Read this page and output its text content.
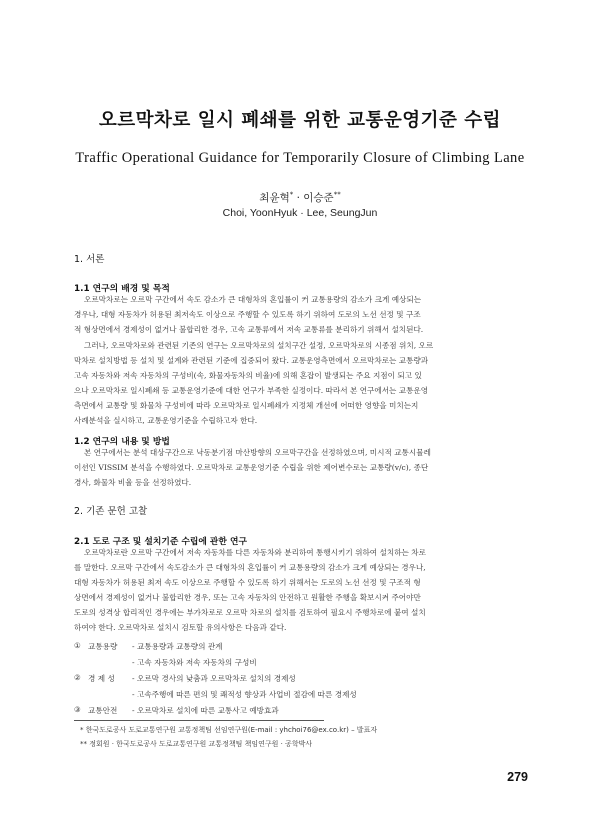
오르막차로 일시 폐쇄를 위한 교통운영기준 수립
Traffic Operational Guidance for Temporarily Closure of Climbing Lane
최윤혁* · 이승준**
Choi, YoonHyuk · Lee, SeungJun
1. 서론
1.1 연구의 배경 및 목적
오르막차로는 오르막 구간에서 속도 감소가 큰 대형차의 혼입률이 커 교통용량의 감소가 크게 예상되는
경우나, 대형 자동차가 허용된 최저속도 이상으로 주행할 수 있도록 하기 위하여 도로의 노선 선정 및 구조
적 형상면에서 경제성이 없거나 불합리한 경우, 고속 교통류에서 저속 교통류를 분리하기 위해서 설치된다.
그러나, 오르막차로와 관련된 기존의 연구는 오르막차로의 설치구간 설정, 오르막차로의 시종점 위치, 오르
막차로 설치방법 등 설치 및 설계와 관련된 기준에 집중되어 왔다. 교통운영측면에서 오르막차로는 교통량과
고속 자동차와 저속 자동차의 구성비(속, 화물자동차의 비율)에 의해 혼잡이 발생되는 주요 지점이 되고 있
으나 오르막차로 일시폐쇄 등 교통운영기준에 대한 연구가 부족한 실정이다. 따라서 본 연구에서는 교통운영
측면에서 교통량 및 화물차 구성비에 따라 오르막차로 일시폐쇄가 지정체 개선에 어떠한 영향을 미치는지
사례분석을 실시하고, 교통운영기준을 수립하고자 한다.
1.2 연구의 내용 및 방법
본 연구에서는 분석 대상구간으로 낙동분기점 마산방향의 오르막구간을 선정하였으며, 미시적 교통시뮬레
이션인 VISSIM 분석을 수행하였다. 오르막차로 교통운영기준 수립을 위한 제어변수로는 교통량(v/c), 종단
경사, 화물차 비율 등을 선정하였다.
2. 기존 문헌 고찰
2.1 도로 구조 및 설치기준 수립에 관한 연구
오르막차로란 오르막 구간에서 저속 자동차를 다른 자동차와 분리하여 통행시키기 위하여 설치하는 차로
를 말한다. 오르막 구간에서 속도감소가 큰 대형차의 혼입률이 커 교통용량의 감소가 크게 예상되는 경우나,
대형 자동차가 허용된 최저 속도 이상으로 주행할 수 있도록 하기 위해서는 도로의 노선 선정 및 구조적 형
상면에서 경제성이 없거나 불합리한 경우, 또는 고속 자동차의 안전하고 원활한 주행을 확보시켜 주어야만
도로의 성격상 합리적인 경우에는 부가차로로 오르막 차로의 설치를 검토하여 필요시 주행차로에 붙여 설치
하여야 한다. 오르막차로 설치시 검토할 유의사항은 다음과 같다.
① 교통용량 - 교통용량과 교통량의 관계
- 고속 자동차와 저속 자동차의 구성비
② 경 제 성 - 오르막 경사의 낮춤과 오르막차로 설치의 경제성
- 고속주행에 따른 편의 및 쾌적성 향상과 사업비 절감에 따른 경제성
③ 교통안전 - 오르막차로 설치에 따른 교통사고 예방효과
* 한국도로공사 도로교통연구원 교통정책팀 선임연구원(E-mail : yhchoi76@ex.co.kr) – 발표자
** 정회원 · 한국도로공사 도로교통연구원 교통정책팀 책임연구원 · 공학박사
279
